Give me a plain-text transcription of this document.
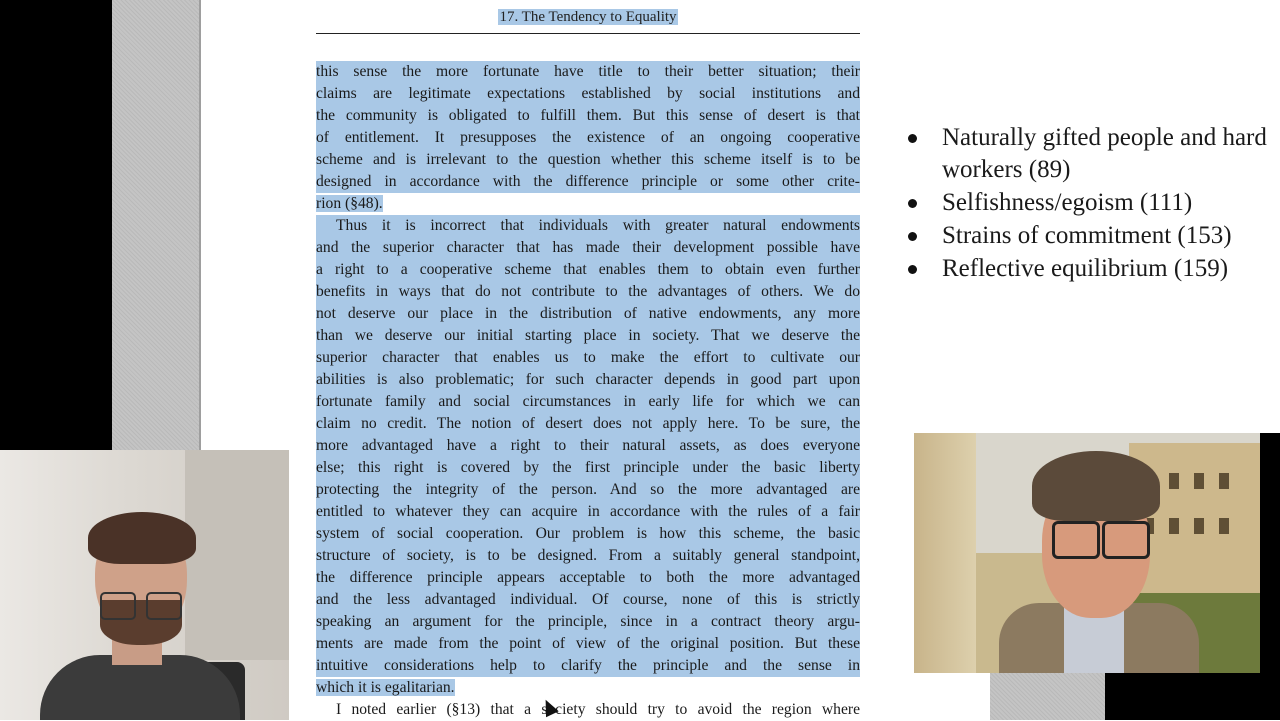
17. The Tendency to Equality
this sense the more fortunate have title to their better situation; their
claims are legitimate expectations established by social institutions and
the community is obligated to fulfill them. But this sense of desert is that
of entitlement. It presupposes the existence of an ongoing cooperative
scheme and is irrelevant to the question whether this scheme itself is to be
designed in accordance with the difference principle or some other crite-
rion (§48).
Thus it is incorrect that individuals with greater natural endowments
and the superior character that has made their development possible have
a right to a cooperative scheme that enables them to obtain even further
benefits in ways that do not contribute to the advantages of others. We do
not deserve our place in the distribution of native endowments, any more
than we deserve our initial starting place in society. That we deserve the
superior character that enables us to make the effort to cultivate our
abilities is also problematic; for such character depends in good part upon
fortunate family and social circumstances in early life for which we can
claim no credit. The notion of desert does not apply here. To be sure, the
more advantaged have a right to their natural assets, as does everyone
else; this right is covered by the first principle under the basic liberty
protecting the integrity of the person. And so the more advantaged are
entitled to whatever they can acquire in accordance with the rules of a fair
system of social cooperation. Our problem is how this scheme, the basic
structure of society, is to be designed. From a suitably general standpoint,
the difference principle appears acceptable to both the more advantaged
and the less advantaged individual. Of course, none of this is strictly
speaking an argument for the principle, since in a contract theory argu-
ments are made from the point of view of the original position. But these
intuitive considerations help to clarify the principle and the sense in
which it is egalitarian.
I noted earlier (§13) that a society should try to avoid the region where
Naturally gifted people and hard workers (89)
Selfishness/egoism (111)
Strains of commitment (153)
Reflective equilibrium (159)
